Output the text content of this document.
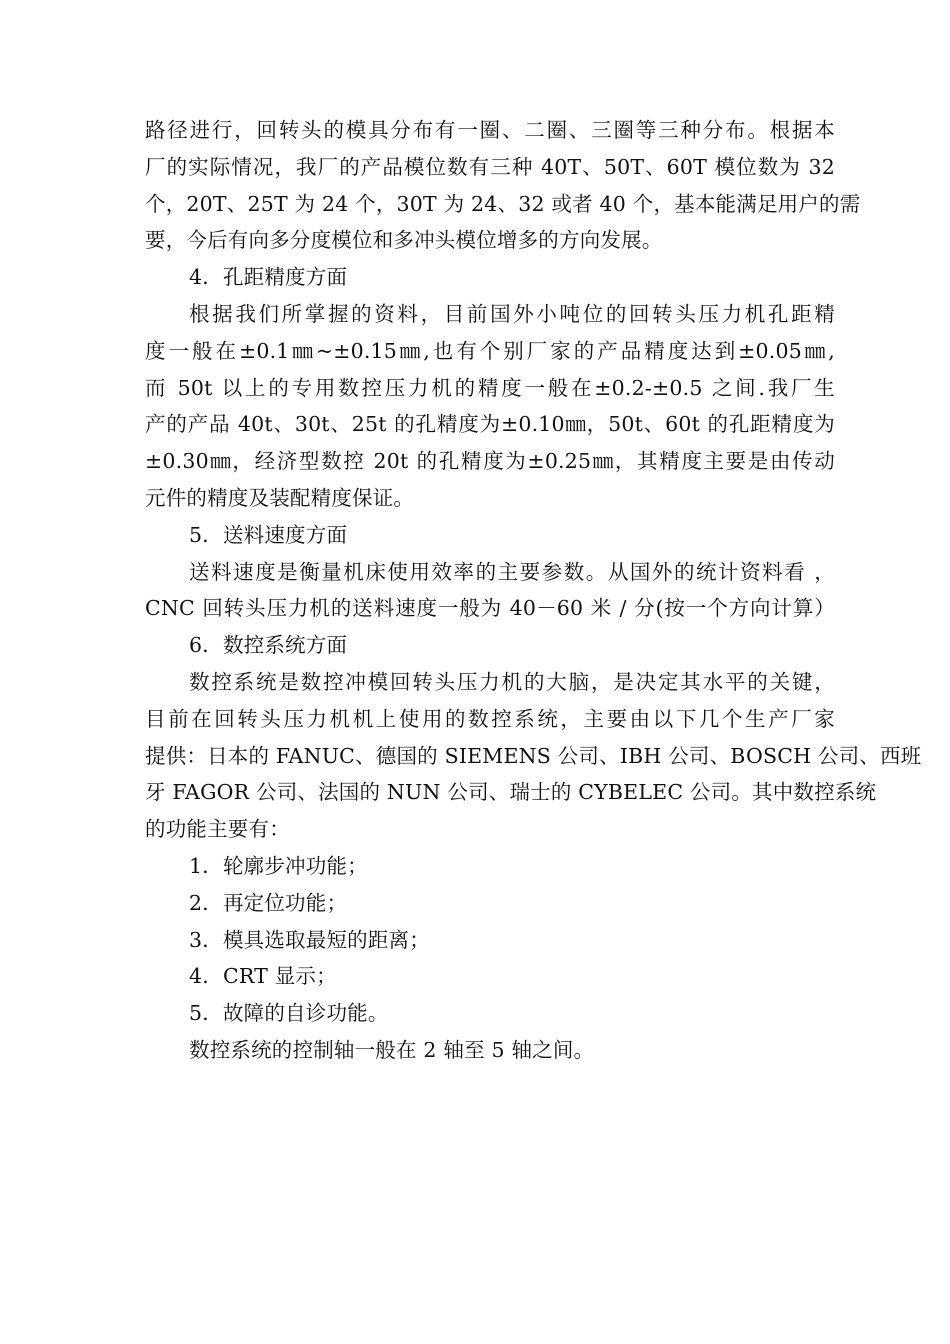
路径进行，回转头的模具分布有一圈、二圈、三圈等三种分布。根据本
厂的实际情况，我厂的产品模位数有三种 40T、50T、60T 模位数为 32
个，20T、25T 为 24 个，30T 为 24、32 或者 40 个，基本能满足用户的需
要，今后有向多分度模位和多冲头模位增多的方向发展。
4．孔距精度方面
根据我们所掌握的资料，目前国外小吨位的回转头压力机孔距精
度一般在±0.1㎜~±0.15㎜,也有个别厂家的产品精度达到±0.05㎜,
而 50t 以上的专用数控压力机的精度一般在±0.2-±0.5 之间.我厂生
产的产品 40t、30t、25t 的孔精度为±0.10㎜，50t、60t 的孔距精度为
±0.30㎜，经济型数控 20t 的孔精度为±0.25㎜，其精度主要是由传动
元件的精度及装配精度保证。
5．送料速度方面
送料速度是衡量机床使用效率的主要参数。从国外的统计资料看 ，
CNC 回转头压力机的送料速度一般为 40－60 米 / 分(按一个方向计算）
6．数控系统方面
数控系统是数控冲模回转头压力机的大脑，是决定其水平的关键，
目前在回转头压力机机上使用的数控系统，主要由以下几个生产厂家
提供：日本的 FANUC、德国的 SIEMENS 公司、IBH 公司、BOSCH 公司、西班
牙 FAGOR 公司、法国的 NUN 公司、瑞士的 CYBELEC 公司。其中数控系统
的功能主要有：
1．轮廓步冲功能；
2．再定位功能；
3．模具选取最短的距离；
4．CRT 显示；
5．故障的自诊功能。
数控系统的控制轴一般在 2 轴至 5 轴之间。
